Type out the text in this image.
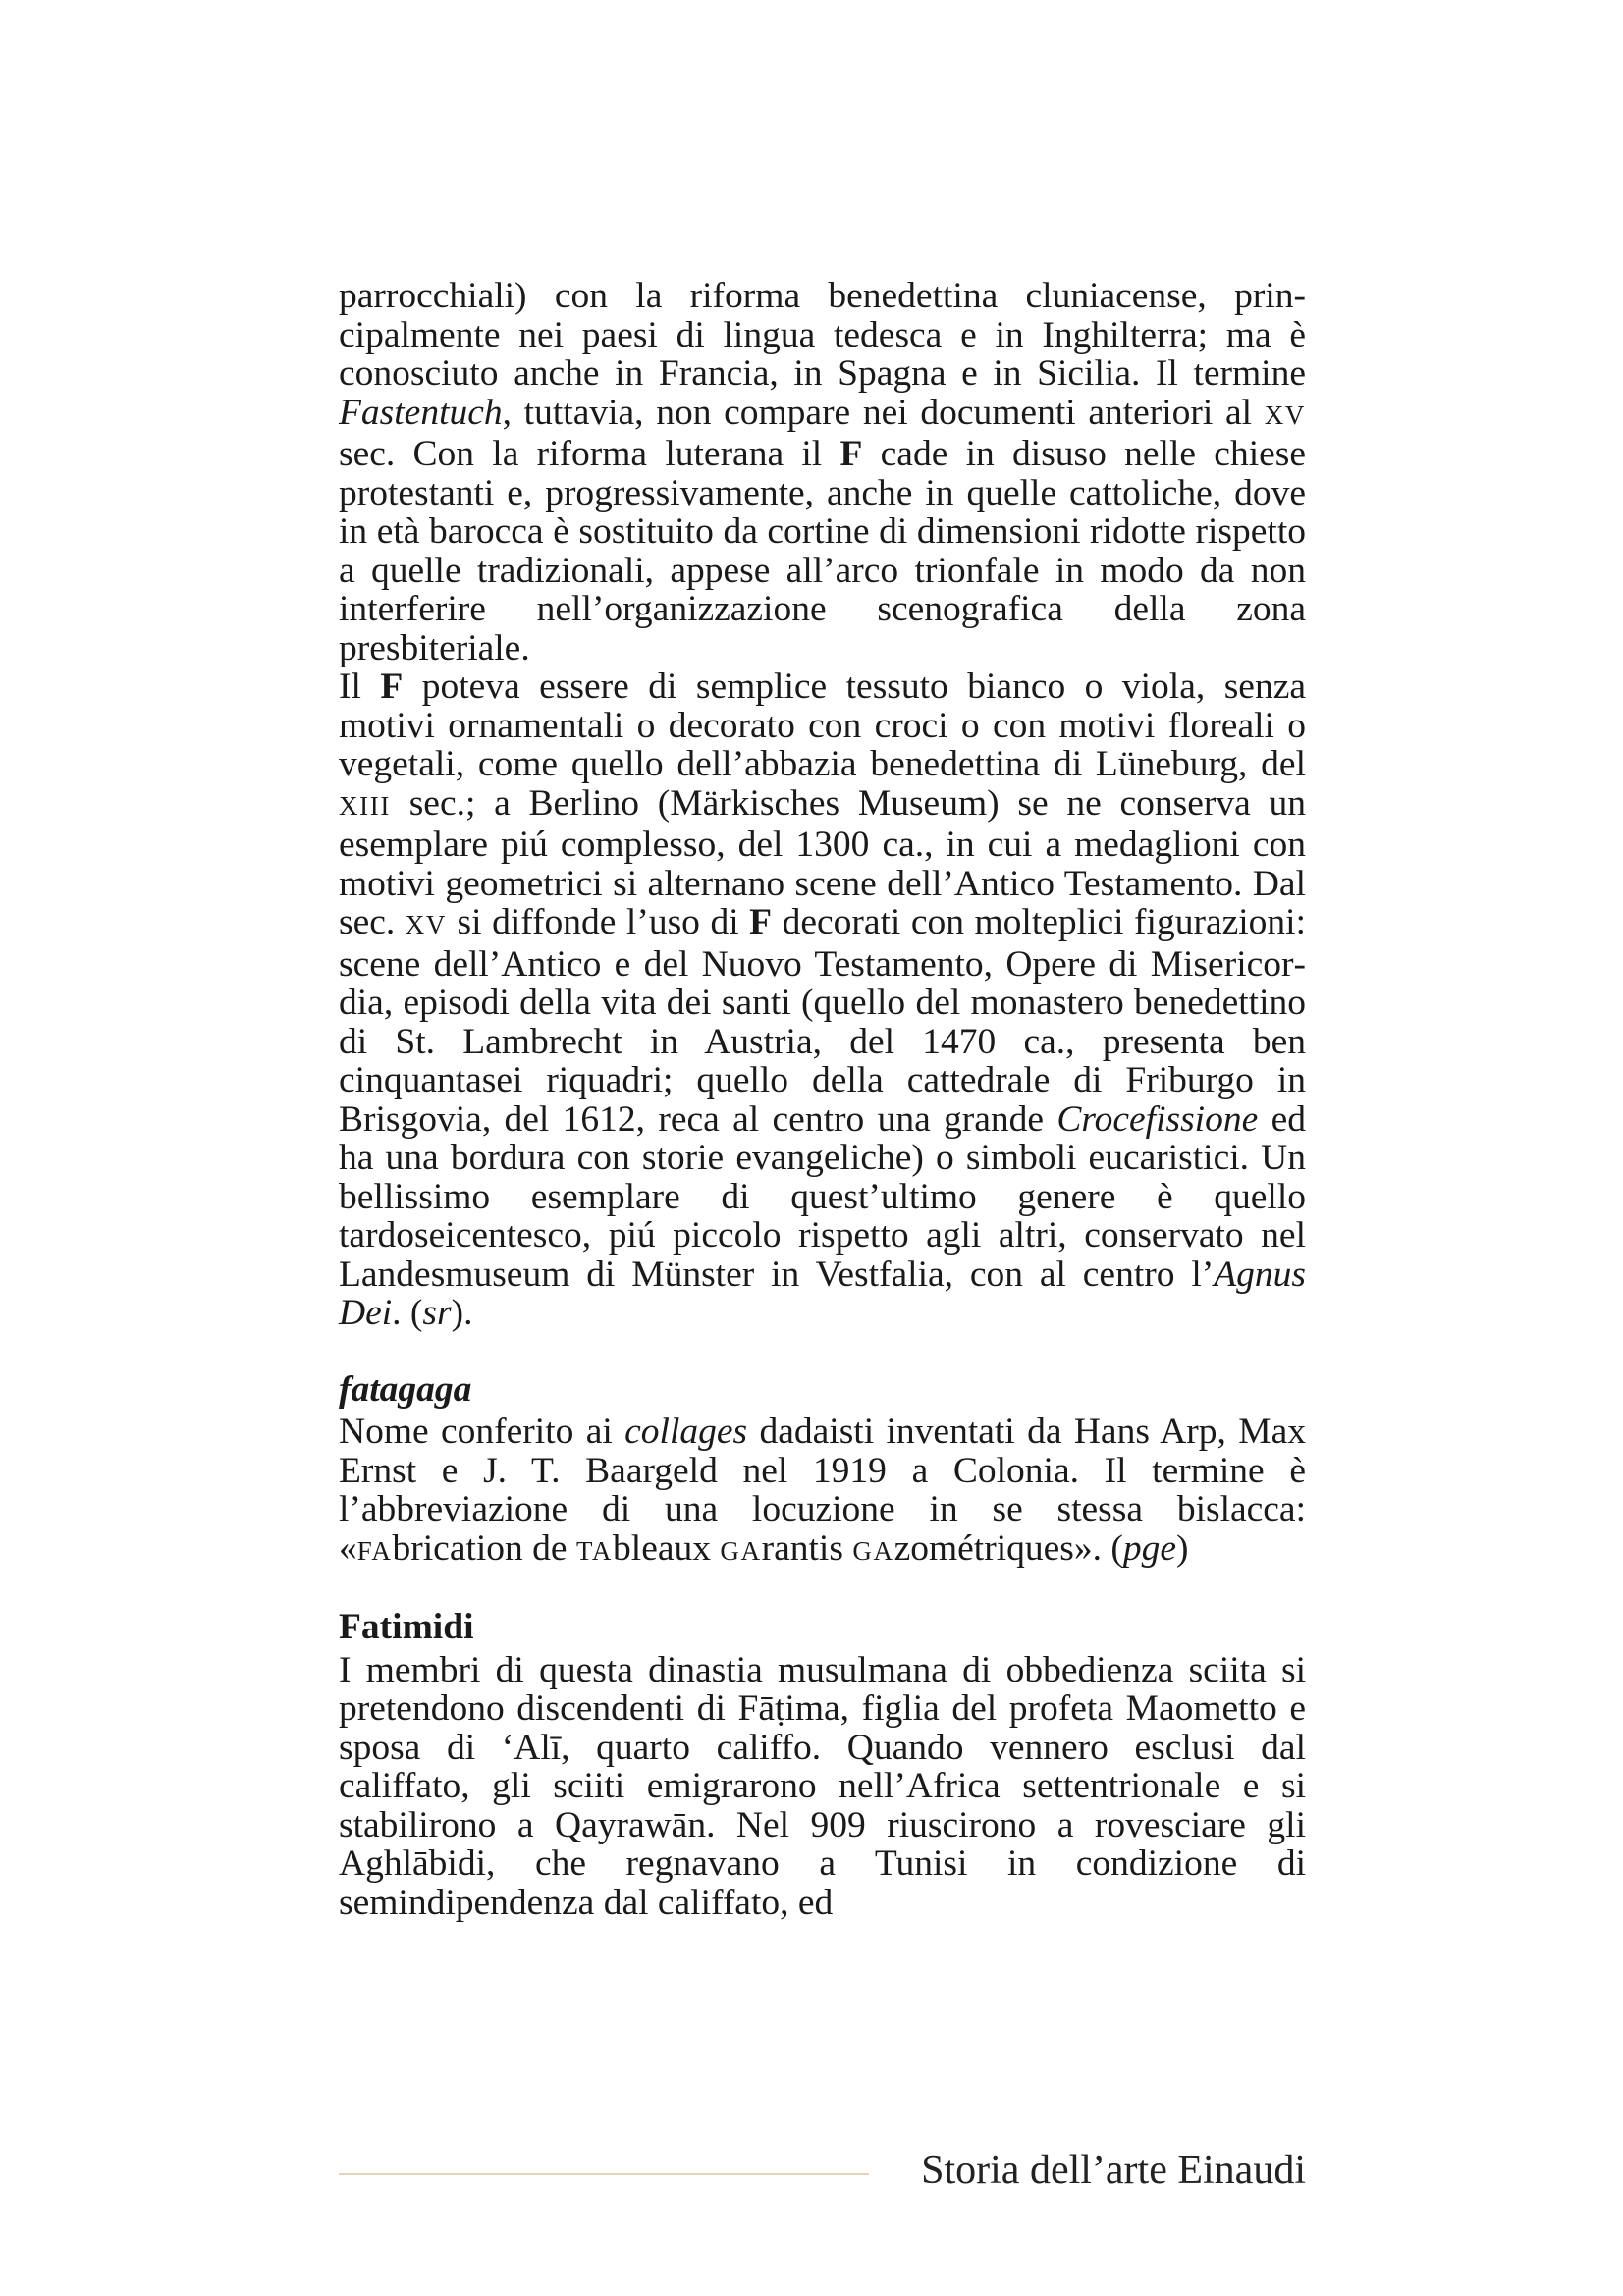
parrocchiali) con la riforma benedettina cluniacense, principalmente nei paesi di lingua tedesca e in Inghilterra; ma è conosciuto anche in Francia, in Spagna e in Sicilia. Il termine Fastentuch, tuttavia, non compare nei documenti anteriori al XV sec. Con la riforma luterana il F cade in disuso nelle chiese protestanti e, progressivamente, anche in quelle cattoliche, dove in età barocca è sostituito da cortine di dimensioni ridotte rispetto a quelle tradizionali, appese all’arco trionfale in modo da non interferire nell’organizzazione scenografica della zona presbiteriale.

Il F poteva essere di semplice tessuto bianco o viola, senza motivi ornamentali o decorato con croci o con motivi floreali o vegetali, come quello dell’abbazia benedettina di Lüneburg, del XIII sec.; a Berlino (Märkisches Museum) se ne conserva un esemplare piú complesso, del 1300 ca., in cui a medaglioni con motivi geometrici si alternano scene dell’Antico Testamento. Dal sec. XV si diffonde l’uso di F decorati con molteplici figurazioni: scene dell’Antico e del Nuovo Testamento, Opere di Misericordia, episodi della vita dei santi (quello del monastero benedettino di St. Lambrecht in Austria, del 1470 ca., presenta ben cinquantasei riquadri; quello della cattedrale di Friburgo in Brisgovia, del 1612, reca al centro una grande Crocefissione ed ha una bordura con storie evangeliche) o simboli eucaristici. Un bellissimo esemplare di quest’ultimo genere è quello tardoseicentesco, piú piccolo rispetto agli altri, conservato nel Landesmuseum di Münster in Vestfalia, con al centro l’Agnus Dei. (sr).

fatagaga

Nome conferito ai collages dadaisti inventati da Hans Arp, Max Ernst e J. T. Baargeld nel 1919 a Colonia. Il termine è l’abbreviazione di una locuzione in se stessa bislacca: «FAbrication de TAbleaux GArantis GAzométriques». (pge)

Fatimidi

I membri di questa dinastia musulmana di obbedienza sciita si pretendono discendenti di Fāṭima, figlia del profeta Maometto e sposa di ‘Alī, quarto califfo. Quando vennero esclusi dal califfato, gli sciiti emigrarono nell’Africa settentrionale e si stabilirono a Qayrawān. Nel 909 riuscirono a rovesciare gli Aghlābidi, che regnavano a Tunisi in condizione di semindipendenza dal califfato, ed

Storia dell’arte Einaudi
